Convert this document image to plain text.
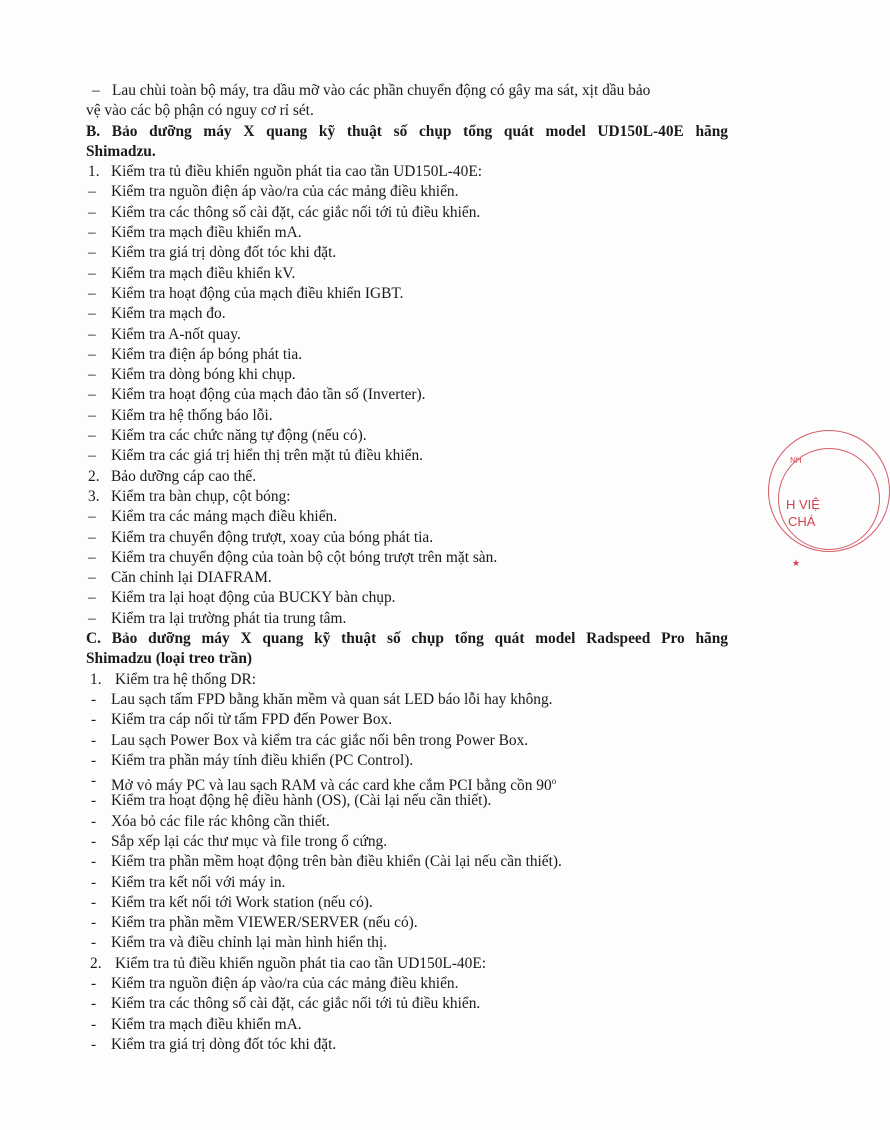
– Lau chùi toàn bộ máy, tra dầu mỡ vào các phần chuyển động có gây ma sát, xịt dầu bảo
vệ vào các bộ phận có nguy cơ rỉ sét.
B. Bảo dưỡng máy X quang kỹ thuật số chụp tổng quát model UD150L-40E hãng
Shimadzu.
1. Kiểm tra tủ điều khiển nguồn phát tia cao tần UD150L-40E:
– Kiểm tra nguồn điện áp vào/ra của các mảng điều khiển.
– Kiểm tra các thông số cài đặt, các giắc nối tới tủ điều khiển.
– Kiểm tra mạch điều khiển mA.
– Kiểm tra giá trị dòng đốt tóc khi đặt.
– Kiểm tra mạch điều khiển kV.
– Kiểm tra hoạt động của mạch điều khiển IGBT.
– Kiểm tra mạch đo.
– Kiểm tra A-nốt quay.
– Kiểm tra điện áp bóng phát tia.
– Kiểm tra dòng bóng khi chụp.
– Kiểm tra hoạt động của mạch đảo tần số (Inverter).
– Kiểm tra hệ thống báo lỗi.
– Kiểm tra các chức năng tự động (nếu có).
– Kiểm tra các giá trị hiển thị trên mặt tủ điều khiển.
2. Bảo dưỡng cáp cao thế.
3. Kiểm tra bàn chụp, cột bóng:
– Kiểm tra các mảng mạch điều khiển.
– Kiểm tra chuyển động trượt, xoay của bóng phát tia.
– Kiểm tra chuyển động của toàn bộ cột bóng trượt trên mặt sàn.
– Căn chỉnh lại DIAFRAM.
– Kiểm tra lại hoạt động của BUCKY bàn chụp.
– Kiểm tra lại trường phát tia trung tâm.
C. Bảo dưỡng máy X quang kỹ thuật số chụp tổng quát model Radspeed Pro hãng
Shimadzu (loại treo trần)
1. Kiểm tra hệ thống DR:
- Lau sạch tấm FPD bằng khăn mềm và quan sát LED báo lỗi hay không.
- Kiểm tra cáp nối từ tấm FPD đến Power Box.
- Lau sạch Power Box và kiểm tra các giắc nối bên trong Power Box.
- Kiểm tra phần máy tính điều khiển (PC Control).
- Mở vỏ máy PC và lau sạch RAM và các card khe cắm PCI bằng cồn 90$^o$
- Kiểm tra hoạt động hệ điều hành (OS), (Cài lại nếu cần thiết).
- Xóa bỏ các file rác không cần thiết.
- Sắp xếp lại các thư mục và file trong ổ cứng.
- Kiểm tra phần mềm hoạt động trên bàn điều khiển (Cài lại nếu cần thiết).
- Kiểm tra kết nối với máy in.
- Kiểm tra kết nối tới Work station (nếu có).
- Kiểm tra phần mềm VIEWER/SERVER (nếu có).
- Kiểm tra và điều chỉnh lại màn hình hiển thị.
2. Kiểm tra tủ điều khiển nguồn phát tia cao tần UD150L-40E:
- Kiểm tra nguồn điện áp vào/ra của các mảng điều khiển.
- Kiểm tra các thông số cài đặt, các giắc nối tới tủ điều khiển.
- Kiểm tra mạch điều khiển mA.
- Kiểm tra giá trị dòng đốt tóc khi đặt.
NH
H VIỆ
CHÁ
★
